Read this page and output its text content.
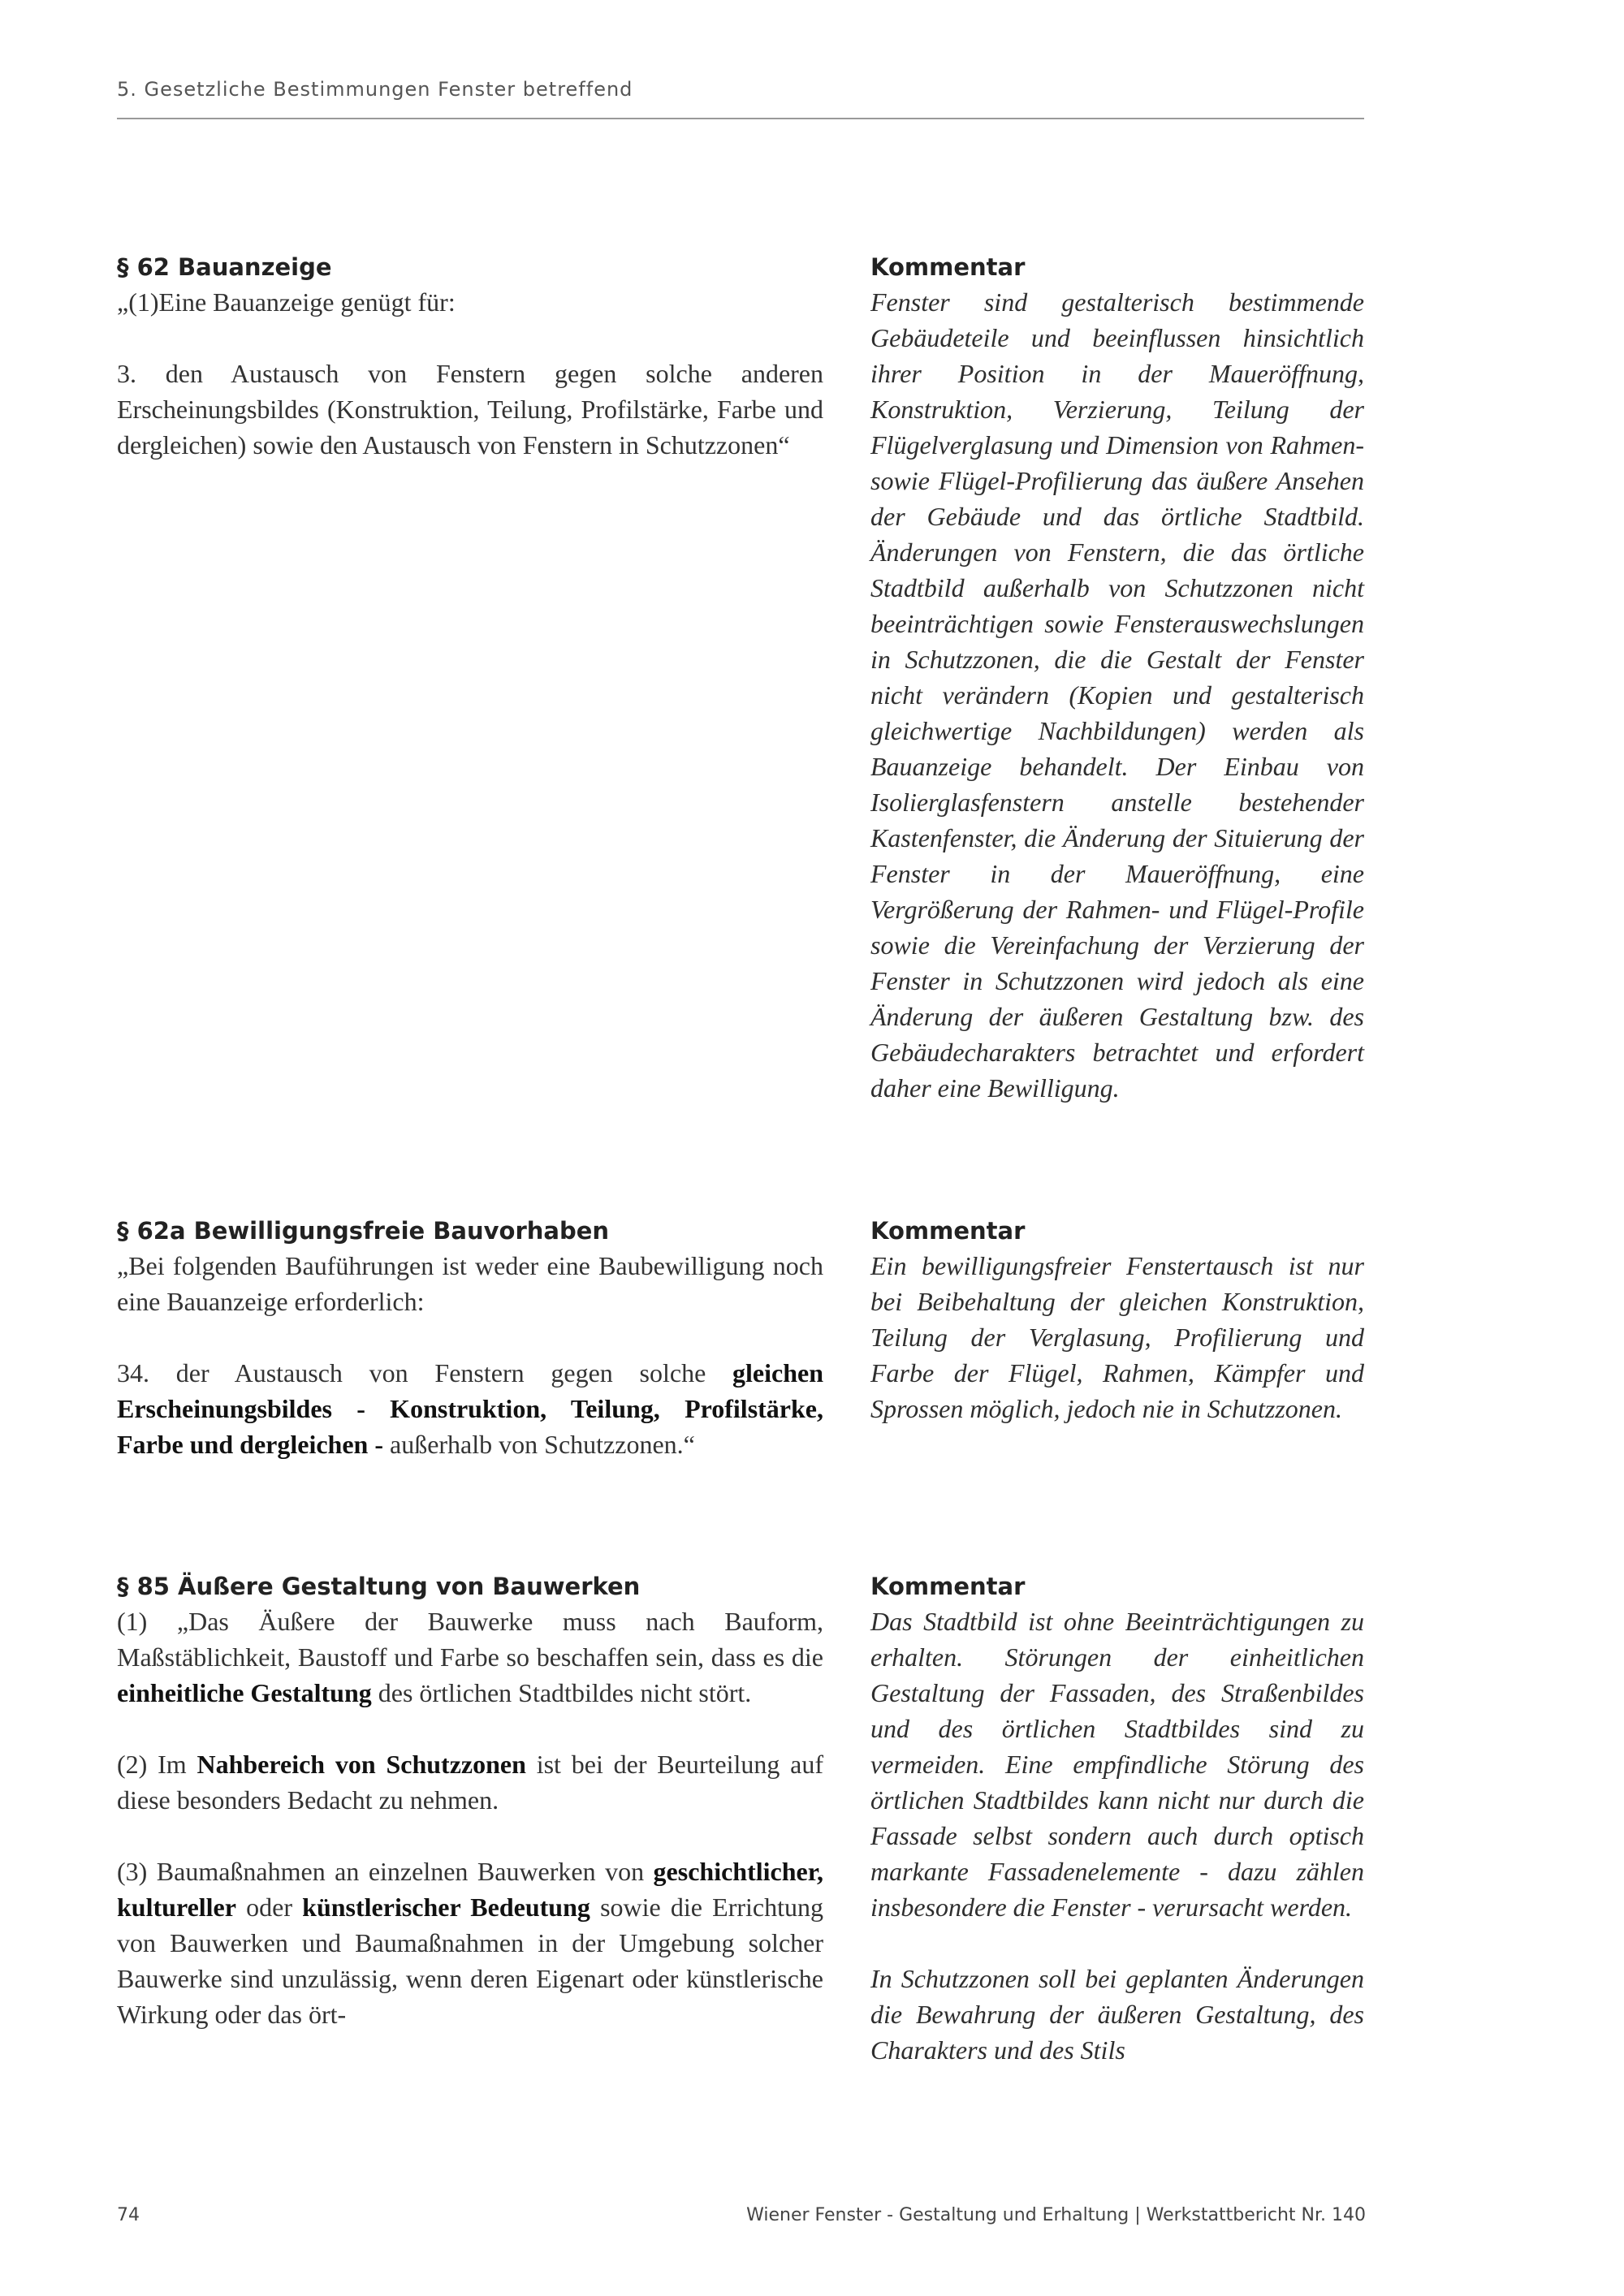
5. Gesetzliche Bestimmungen Fenster betreffend
§ 62 Bauanzeige

„(1)Eine Bauanzeige genügt für:

3. den Austausch von Fenstern gegen solche anderen Erscheinungsbildes (Konstruktion, Teilung, Profilstärke, Farbe und dergleichen) sowie den Austausch von Fenstern in Schutzzonen“

Kommentar

Fenster sind gestalterisch bestimmende Gebäudeteile und beeinflussen hinsichtlich ihrer Position in der Maueröffnung, Konstruktion, Verzierung, Teilung der Flügelverglasung und Dimension von Rahmen- sowie Flügel-Profilierung das äußere Ansehen der Gebäude und das örtliche Stadtbild. Änderungen von Fenstern, die das örtliche Stadtbild außerhalb von Schutzzonen nicht beeinträchtigen sowie Fensterauswechslungen in Schutzzonen, die die Gestalt der Fenster nicht verändern (Kopien und gestalterisch gleichwertige Nachbildungen) werden als Bauanzeige behandelt. Der Einbau von Isolierglasfenstern anstelle bestehender Kastenfenster, die Änderung der Situierung der Fenster in der Maueröffnung, eine Vergrößerung der Rahmen- und Flügel-Profile sowie die Vereinfachung der Verzierung der Fenster in Schutzzonen wird jedoch als eine Änderung der äußeren Gestaltung bzw. des Gebäudecharakters betrachtet und erfordert daher eine Bewilligung.

§ 62a Bewilligungsfreie Bauvorhaben

„Bei folgenden Bauführungen ist weder eine Baubewilligung noch eine Bauanzeige erforderlich:

34. der Austausch von Fenstern gegen solche gleichen Erscheinungsbildes - Konstruktion, Teilung, Profilstärke, Farbe und dergleichen - außerhalb von Schutzzonen.“

Kommentar

Ein bewilligungsfreier Fenstertausch ist nur bei Beibehaltung der gleichen Konstruktion, Teilung der Verglasung, Profilierung und Farbe der Flügel, Rahmen, Kämpfer und Sprossen möglich, jedoch nie in Schutzzonen.

§ 85 Äußere Gestaltung von Bauwerken

(1) „Das Äußere der Bauwerke muss nach Bauform, Maßstäblichkeit, Baustoff und Farbe so beschaffen sein, dass es die einheitliche Gestaltung des örtlichen Stadtbildes nicht stört.

(2) Im Nahbereich von Schutzzonen ist bei der Beurteilung auf diese besonders Bedacht zu nehmen.

(3) Baumaßnahmen an einzelnen Bauwerken von geschichtlicher, kultureller oder künstlerischer Bedeutung sowie die Errichtung von Bauwerken und Baumaßnahmen in der Umgebung solcher Bauwerke sind unzulässig, wenn deren Eigenart oder künstlerische Wirkung oder das ört-

Kommentar

Das Stadtbild ist ohne Beeinträchtigungen zu erhalten. Störungen der einheitlichen Gestaltung der Fassaden, des Straßenbildes und des örtlichen Stadtbildes sind zu vermeiden. Eine empfindliche Störung des örtlichen Stadtbildes kann nicht nur durch die Fassade selbst sondern auch durch optisch markante Fassadenelemente - dazu zählen insbesondere die Fenster - verursacht werden.

In Schutzzonen soll bei geplanten Änderungen die Bewahrung der äußeren Gestaltung, des Charakters und des Stils

74	Wiener Fenster - Gestaltung und Erhaltung | Werkstattbericht Nr. 140
